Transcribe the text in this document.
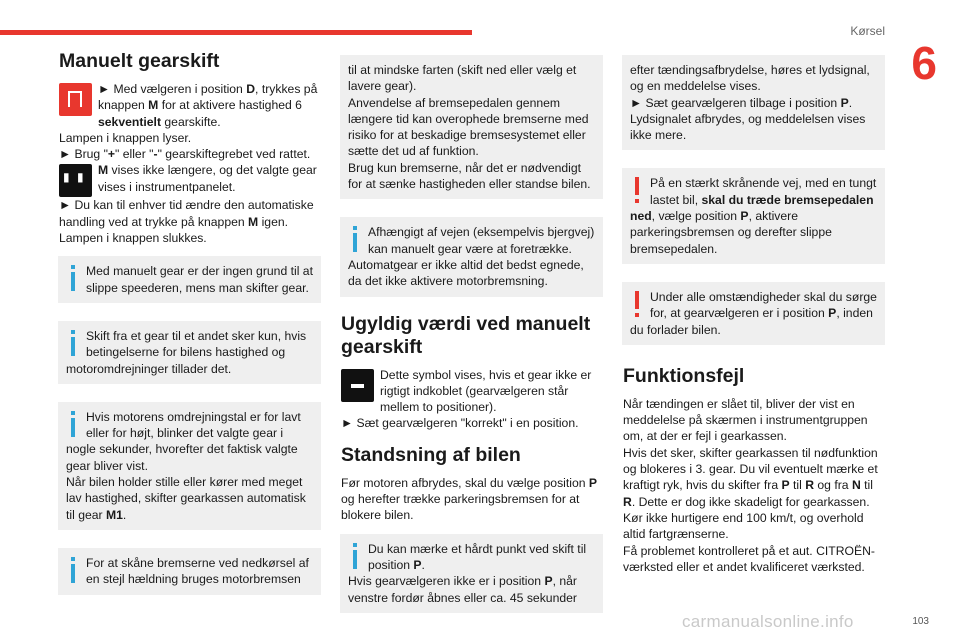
Kørsel
6
Manuelt gearskift

► Med vælgeren i position D, trykkes på knappen M for at aktivere hastighed 6 sekventielt gearskifte.

Lampen i knappen lyser.

► Brug "+" eller "-" gearskiftegrebet ved rattet.

▮ ▮

M vises ikke længere, og det valgte gear vises i instrumentpanelet.

► Du kan til enhver tid ændre den automatiske handling ved at trykke på knappen M igen.

Lampen i knappen slukkes.

Med manuelt gear er der ingen grund til at slippe speederen, mens man skifter gear.

Skift fra et gear til et andet sker kun, hvis betingelserne for bilens hastighed og motoromdrejninger tillader det.

Hvis motorens omdrejningstal er for lavt eller for højt, blinker det valgte gear i nogle sekunder, hvorefter det faktisk valgte gear bliver vist.

Når bilen holder stille eller kører med meget lav hastighed, skifter gearkassen automatisk til gear M1.

For at skåne bremserne ved nedkørsel af en stejl hældning bruges motorbremsen

til at mindske farten (skift ned eller vælg et lavere gear).

Anvendelse af bremsepedalen gennem længere tid kan overophede bremserne med risiko for at beskadige bremsesystemet eller sætte det ud af funktion.

Brug kun bremserne, når det er nødvendigt for at sænke hastigheden eller standse bilen.

Afhængigt af vejen (eksempelvis bjergvej) kan manuelt gear være at foretrække.

Automatgear er ikke altid det bedst egnede, da det ikke aktivere motorbremsning.

Ugyldig værdi ved manuelt gearskift

Dette symbol vises, hvis et gear ikke er rigtigt indkoblet (gearvælgeren står mellem to positioner).

► Sæt gearvælgeren "korrekt" i en position.

Standsning af bilen

Før motoren afbrydes, skal du vælge position P og herefter trække parkeringsbremsen for at blokere bilen.

Du kan mærke et hårdt punkt ved skift til position P.

Hvis gearvælgeren ikke er i position P, når venstre fordør åbnes eller ca. 45 sekunder

efter tændingsafbrydelse, høres et lydsignal, og en meddelelse vises.

► Sæt gearvælgeren tilbage i position P.

Lydsignalet afbrydes, og meddelelsen vises ikke mere.

På en stærkt skrånende vej, med en tungt lastet bil, skal du træde bremsepedalen ned, vælge position P, aktivere parkeringsbremsen og derefter slippe bremsepedalen.

Under alle omstændigheder skal du sørge for, at gearvælgeren er i position P, inden du forlader bilen.

Funktionsfejl

Når tændingen er slået til, bliver der vist en meddelelse på skærmen i instrumentgruppen om, at der er fejl i gearkassen.

Hvis det sker, skifter gearkassen til nødfunktion og blokeres i 3. gear. Du vil eventuelt mærke et kraftigt ryk, hvis du skifter fra P til R og fra N til R. Dette er dog ikke skadeligt for gearkassen.

Kør ikke hurtigere end 100 km/t, og overhold altid fartgrænserne.

Få problemet kontrolleret på et aut. CITROËN-værksted eller et andet kvalificeret værksted.

103
carmanualsonline.info
